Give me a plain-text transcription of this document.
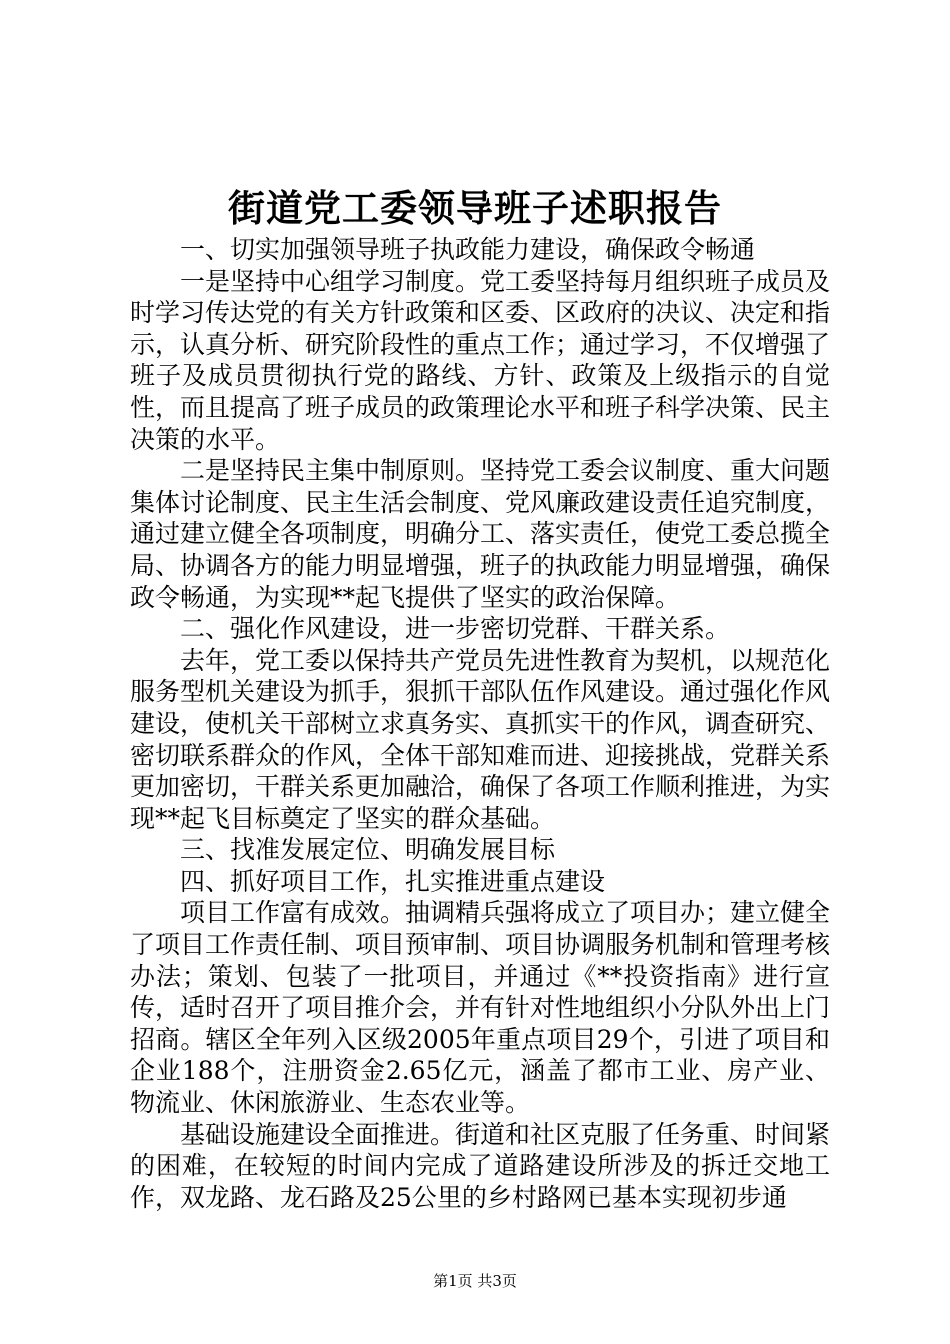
街道党工委领导班子述职报告

一、切实加强领导班子执政能力建设，确保政令畅通

一是坚持中心组学习制度。党工委坚持每月组织班子成员及时学习传达党的有关方针政策和区委、区政府的决议、决定和指示，认真分析、研究阶段性的重点工作；通过学习，不仅增强了班子及成员贯彻执行党的路线、方针、政策及上级指示的自觉性，而且提高了班子成员的政策理论水平和班子科学决策、民主决策的水平。

二是坚持民主集中制原则。坚持党工委会议制度、重大问题集体讨论制度、民主生活会制度、党风廉政建设责任追究制度，通过建立健全各项制度，明确分工、落实责任，使党工委总揽全局、协调各方的能力明显增强，班子的执政能力明显增强，确保政令畅通，为实现**起飞提供了坚实的政治保障。

二、强化作风建设，进一步密切党群、干群关系。

去年，党工委以保持共产党员先进性教育为契机，以规范化服务型机关建设为抓手，狠抓干部队伍作风建设。通过强化作风建设，使机关干部树立求真务实、真抓实干的作风，调查研究、密切联系群众的作风，全体干部知难而进、迎接挑战，党群关系更加密切，干群关系更加融洽，确保了各项工作顺利推进，为实现**起飞目标奠定了坚实的群众基础。

三、找准发展定位、明确发展目标

四、抓好项目工作，扎实推进重点建设

项目工作富有成效。抽调精兵强将成立了项目办；建立健全了项目工作责任制、项目预审制、项目协调服务机制和管理考核办法；策划、包装了一批项目，并通过《**投资指南》进行宣传，适时召开了项目推介会，并有针对性地组织小分队外出上门招商。辖区全年列入区级2005年重点项目29个，引进了项目和企业188个，注册资金2.65亿元，涵盖了都市工业、房产业、物流业、休闲旅游业、生态农业等。

基础设施建设全面推进。街道和社区克服了任务重、时间紧的困难，在较短的时间内完成了道路建设所涉及的拆迁交地工作，双龙路、龙石路及25公里的乡村路网已基本实现初步通

第1页 共3页
